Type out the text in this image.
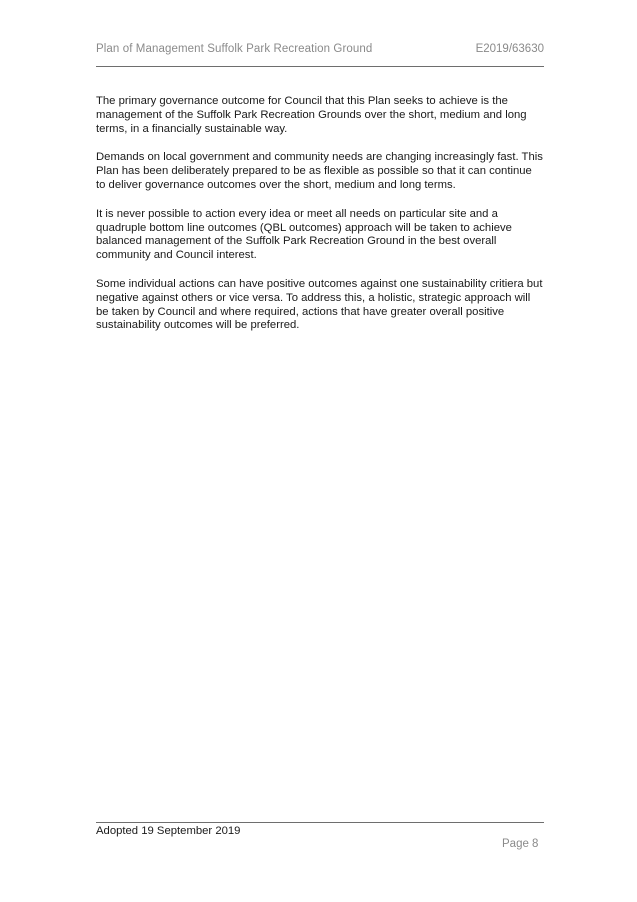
Plan of Management Suffolk Park Recreation Ground	E2019/63630

The primary governance outcome for Council that this Plan seeks to achieve is the management of the Suffolk Park Recreation Grounds over the short, medium and long terms, in a financially sustainable way.

Demands on local government and community needs are changing increasingly fast. This Plan has been deliberately prepared to be as flexible as possible so that it can continue to deliver governance outcomes over the short, medium and long terms.

It is never possible to action every idea or meet all needs on particular site and a quadruple bottom line outcomes (QBL outcomes) approach will be taken to achieve balanced management of the Suffolk Park Recreation Ground in the best overall community and Council interest.

Some individual actions can have positive outcomes against one sustainability critiera but negative against others or vice versa. To address this, a holistic, strategic approach will be taken by Council and where required, actions that have greater overall positive sustainability outcomes will be preferred.

Adopted 19 September 2019
Page 8
